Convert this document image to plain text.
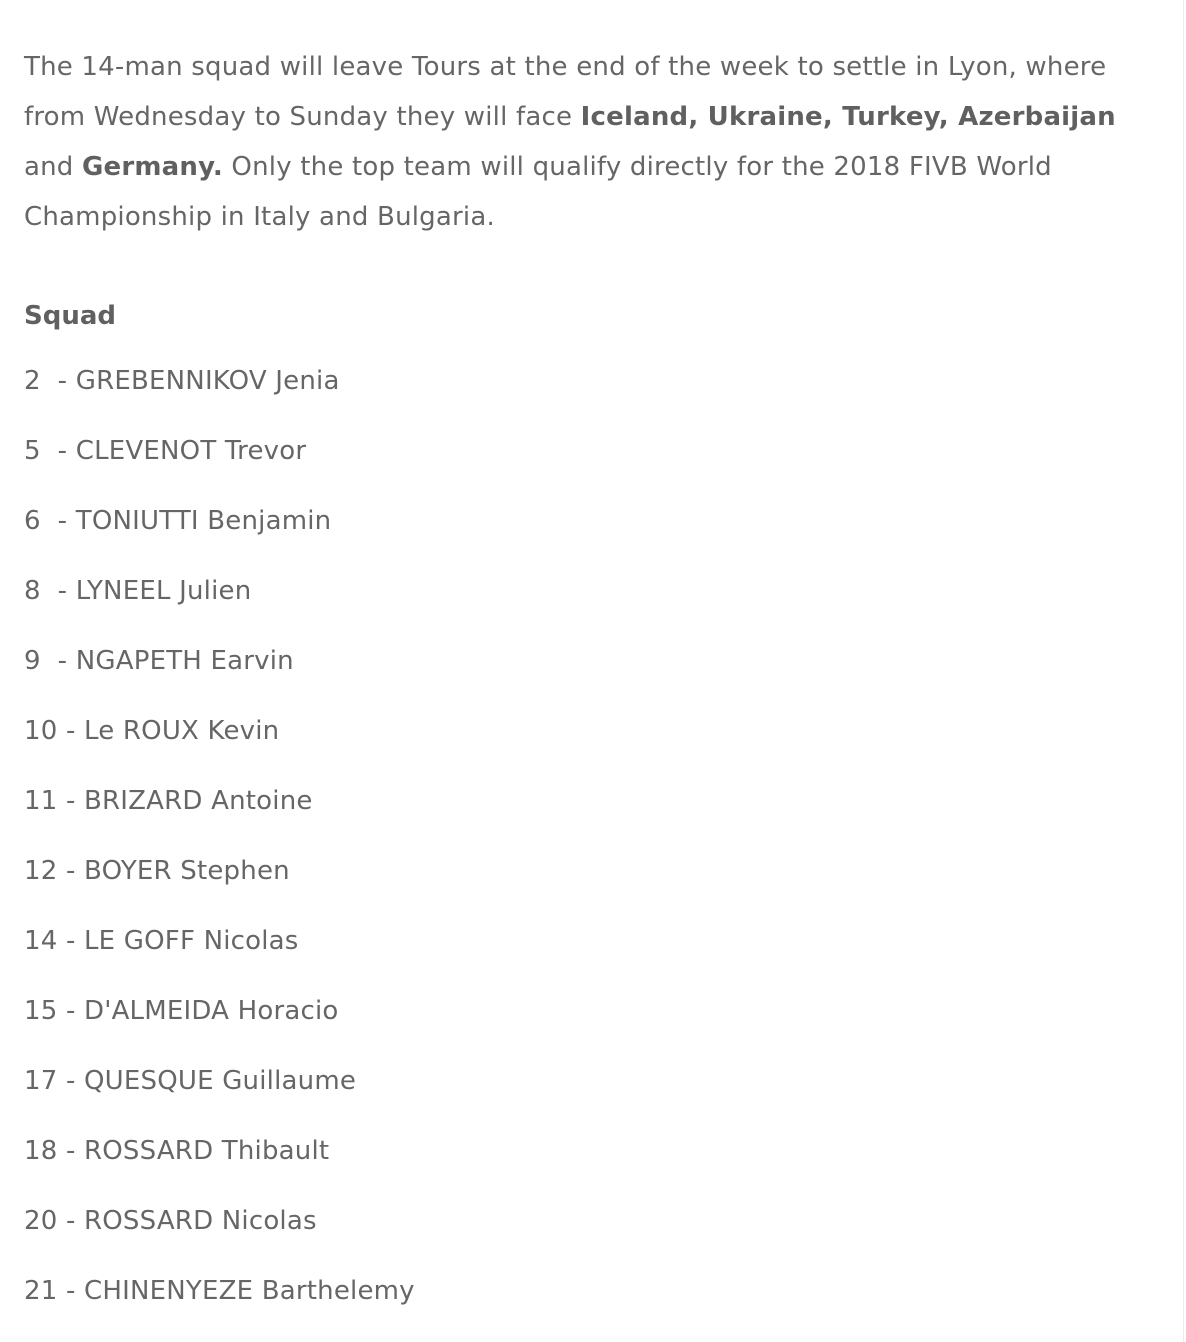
The 14-man squad will leave Tours at the end of the week to settle in Lyon, where from Wednesday to Sunday they will face Iceland, Ukraine, Turkey, Azerbaijan and Germany. Only the top team will qualify directly for the 2018 FIVB World Championship in Italy and Bulgaria.

Squad
2  - GREBENNIKOV Jenia
5  - CLEVENOT Trevor
6  - TONIUTTI Benjamin
8  - LYNEEL Julien
9  - NGAPETH Earvin
10 - Le ROUX Kevin
11 - BRIZARD Antoine
12 - BOYER Stephen
14 - LE GOFF Nicolas
15 - D'ALMEIDA Horacio
17 - QUESQUE Guillaume
18 - ROSSARD Thibault
20 - ROSSARD Nicolas
21 - CHINENYEZE Barthelemy
